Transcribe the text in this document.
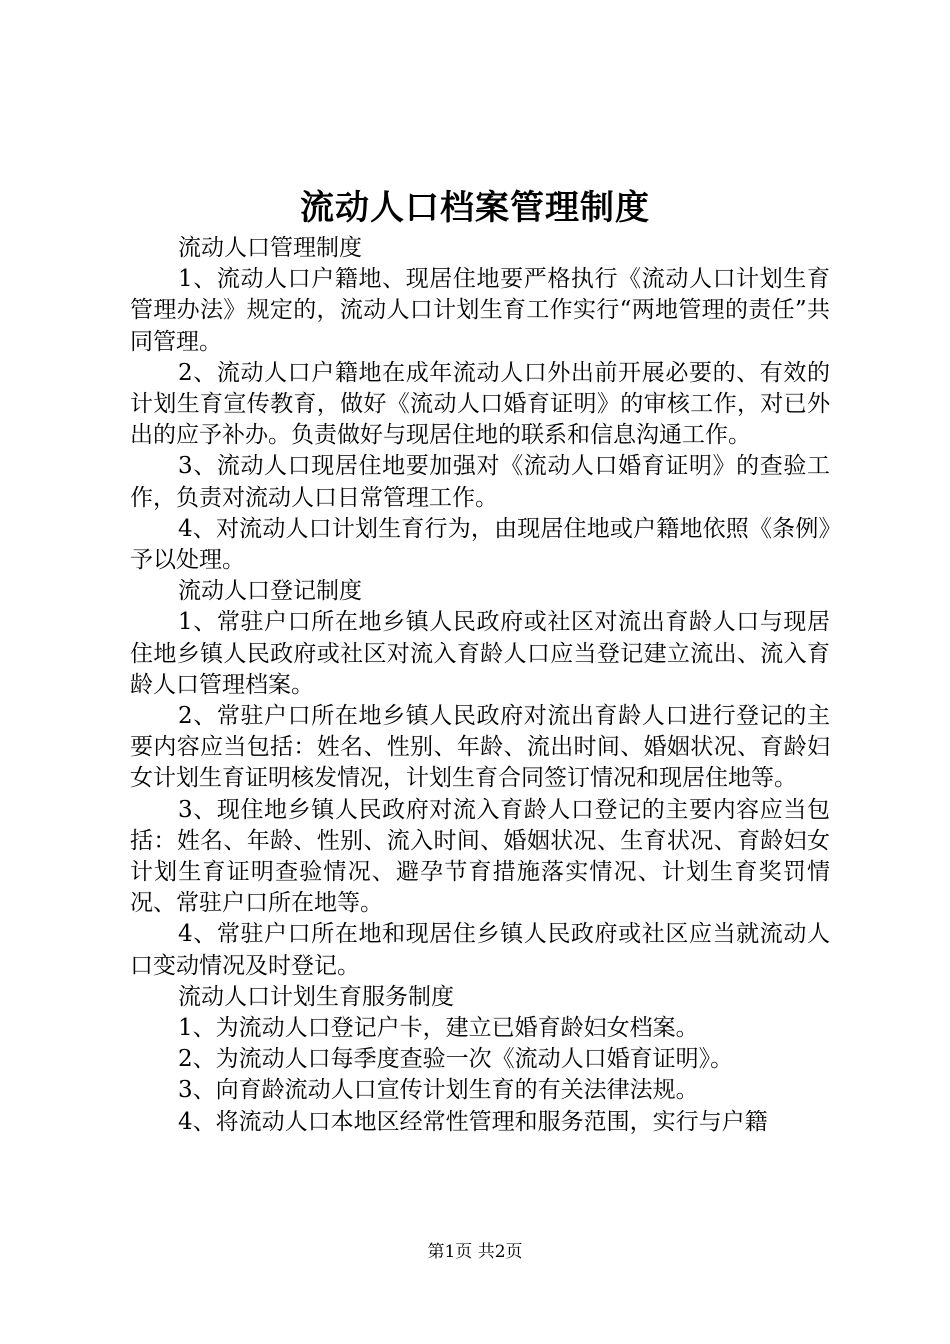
流动人口档案管理制度

流动人口管理制度

1、流动人口户籍地、现居住地要严格执行《流动人口计划生育管理办法》规定的，流动人口计划生育工作实行“两地管理的责任”共同管理。

2、流动人口户籍地在成年流动人口外出前开展必要的、有效的计划生育宣传教育，做好《流动人口婚育证明》的审核工作，对已外出的应予补办。负责做好与现居住地的联系和信息沟通工作。

3、流动人口现居住地要加强对《流动人口婚育证明》的查验工作，负责对流动人口日常管理工作。

4、对流动人口计划生育行为，由现居住地或户籍地依照《条例》予以处理。

流动人口登记制度

1、常驻户口所在地乡镇人民政府或社区对流出育龄人口与现居住地乡镇人民政府或社区对流入育龄人口应当登记建立流出、流入育龄人口管理档案。

2、常驻户口所在地乡镇人民政府对流出育龄人口进行登记的主要内容应当包括：姓名、性别、年龄、流出时间、婚姻状况、育龄妇女计划生育证明核发情况，计划生育合同签订情况和现居住地等。

3、现住地乡镇人民政府对流入育龄人口登记的主要内容应当包括：姓名、年龄、性别、流入时间、婚姻状况、生育状况、育龄妇女计划生育证明查验情况、避孕节育措施落实情况、计划生育奖罚情况、常驻户口所在地等。

4、常驻户口所在地和现居住乡镇人民政府或社区应当就流动人口变动情况及时登记。

流动人口计划生育服务制度

1、为流动人口登记户卡，建立已婚育龄妇女档案。

2、为流动人口每季度查验一次《流动人口婚育证明》。

3、向育龄流动人口宣传计划生育的有关法律法规。

4、将流动人口本地区经常性管理和服务范围，实行与户籍

第1页 共2页
